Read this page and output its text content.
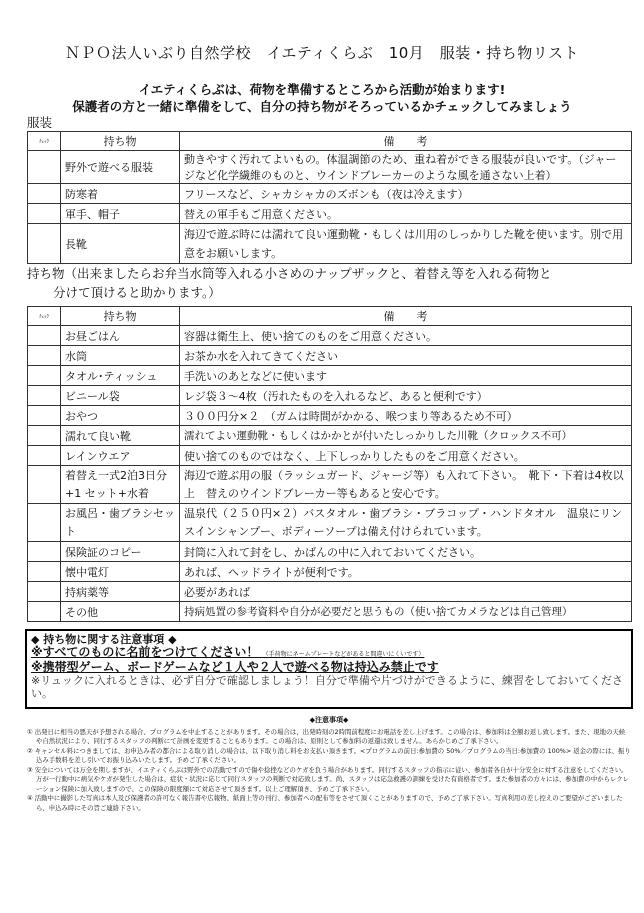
ＮＰＯ法人いぶり自然学校　イエティくらぶ　10月　服装・持ち物リスト
イエティくらぶは、荷物を準備するところから活動が始まります!
保護者の方と一緒に準備をして、自分の持ち物がそろっているかチェックしてみましょう
服装
ﾁｪｯｸ	持ち物	備　　考
	野外で遊べる服装	動きやすく汚れてよいもの。体温調節のため、重ね着ができる服装が良いです。（ジャージなど化学繊維のものと、ウインドブレーカーのような風を通さない上着）
	防寒着	フリースなど、シャカシャカのズボンも（夜は冷えます）
	軍手、帽子	替えの軍手もご用意ください。
	長靴	海辺で遊ぶ時には濡れて良い運動靴・もしくは川用のしっかりした靴を使います。別で用意をお願いします。
持ち物（出来ましたらお弁当水筒等入れる小さめのナップザックと、着替え等を入れる荷物と
分けて頂けると助かります。）
ﾁｪｯｸ	持ち物	備　　考
	お昼ごはん	容器は衛生上、使い捨てのものをご用意ください。
	水筒	お茶か水を入れてきてください
	タオル･ティッシュ	手洗いのあとなどに使います
	ビニール袋	レジ袋３～4枚（汚れたものを入れるなど、あると便利です）
	おやつ	３００円分×２　（ガムは時間がかかる、喉つまり等あるため不可）
	濡れて良い靴	濡れてよい運動靴・もしくはかかとが付いたしっかりした川靴（クロックス不可）
	レインウエア	使い捨てのものではなく、上下しっかりしたものをご用意ください。
	着替え一式2泊3日分+1 セット+水着	海辺で遊ぶ用の服（ラッシュガード、ジャージ等）も入れて下さい。　靴下・下着は4枚以上　替えのウインドブレーカー等もあると安心です。
	お風呂・歯ブラシセット	温泉代（２５０円×２）バスタオル・歯ブラシ・ブラコップ・ハンドタオル　温泉にリンスインシャンプー、ボディーソープは備え付けられています。
	保険証のコピー	封筒に入れて封をし、かばんの中に入れておいてください。
	懐中電灯	あれば、ヘッドライトが便利です。
	持病薬等	必要があれば
	その他	持病処置の参考資料や自分が必要だと思うもの（使い捨てカメラなどは自己管理）
◆ 持ち物に関する注意事項 ◆
※すべてのものに名前をつけてください！ （手荷物にネームプレートなどがあると間違いにくいです）
※携帯型ゲーム、ボードゲームなど１人や２人で遊べる物は持込み禁止です
※リュックに入れるときは、必ず自分で確認しましょう！自分で準備や片づけができるように、練習をしておいてください。
◆注意事項◆
① 出発日に相当の悪天が予想される場合、プログラムを中止することがあります。その場合は、出発時刻の2時間前程度にお電話を差し上げます。この場合は、参加料は全額お返し致します。また、現地の天候や自然状況により、同行するスタッフの判断にて計画を変更することもあります。この場合は、原則として参加料の返還は致しません。あらかじめご了承下さい。
② キャンセル料につきましては、お申込み者の都合による取り消しの場合は、以下取り消し料をお支払い頂きます。<プログラムの前日:参加費の 50%／プログラムの当日:参加費の 100%> 返金の際には、振り込み手数料を差し引いてお振り込みいたします。予めご了承ください。
③ 安全については万全を期しますが、イエティくらぶは野外での活動ですので傷や捻挫などのケガを負う場合があります。同行するスタッフの指示に従い、参加者各自が十分安全に対する注意をしてください。万が一行動中に病気やケガが発生した場合は、症状・状況に応じて同行スタッフの判断で対応致します。尚、スタッフは応急救護の訓練を受けた有資格者です。また参加者の方々には、参加費の中からレクレーション保険に加入致しますので、この保険の限度額にて対応させて頂きます。以上ご理解頂き、予めご了承下さい。
④ 活動中に撮影した写真は本人及び保護者の許可なく報告書や広報物、紙面上等の刊行、参加者への配布等をさせて頂くことがありますので、予めご了承下さい。写真利用の差し控えのご要望がございましたら、申込み時にその旨ご連絡下さい。
